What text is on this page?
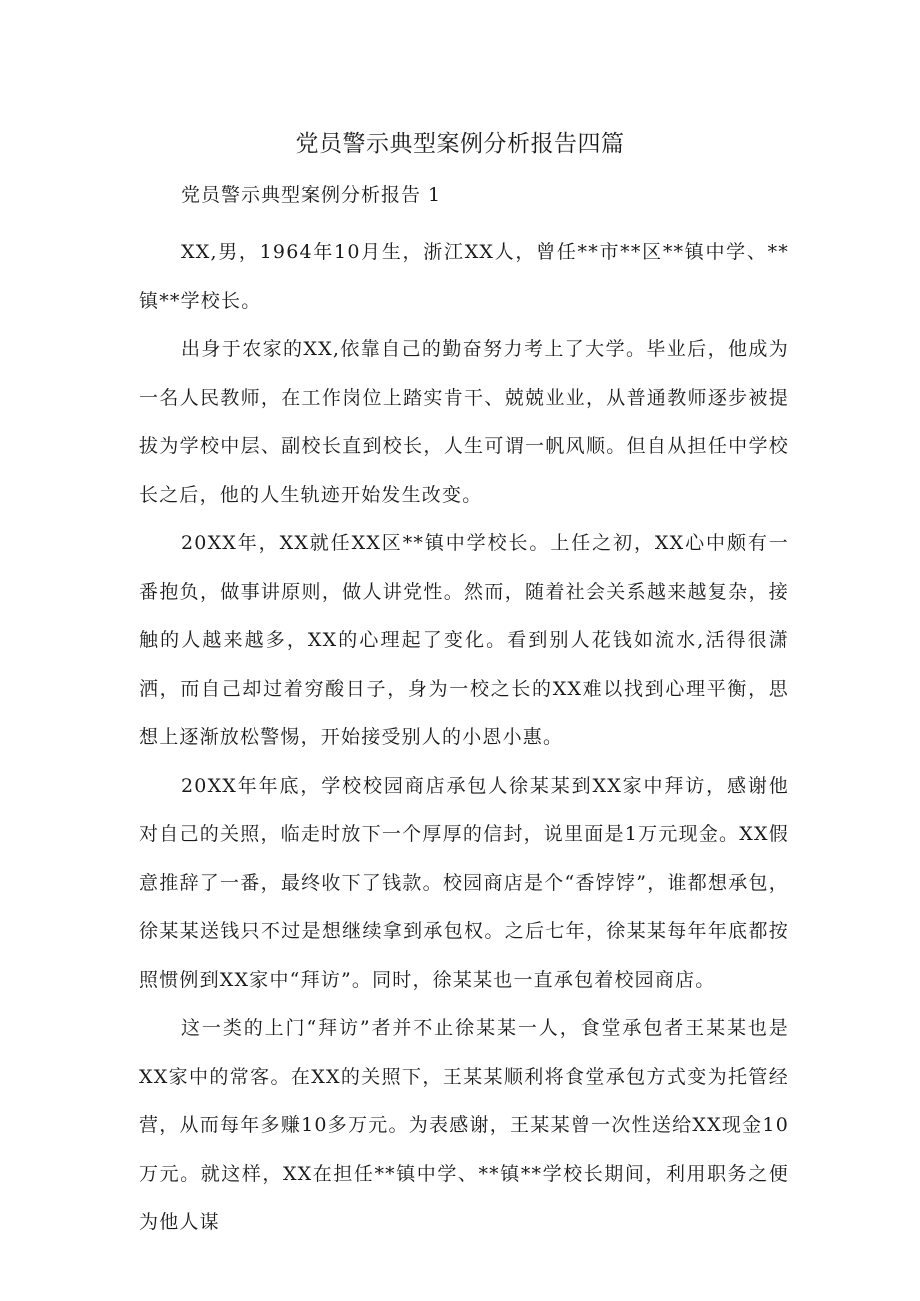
党员警示典型案例分析报告四篇

党员警示典型案例分析报告 1

XX,男，1964年10月生，浙江XX人，曾任**市**区**镇中学、**镇**学校长。

出身于农家的XX,依靠自己的勤奋努力考上了大学。毕业后，他成为一名人民教师，在工作岗位上踏实肯干、兢兢业业，从普通教师逐步被提拔为学校中层、副校长直到校长，人生可谓一帆风顺。但自从担任中学校长之后，他的人生轨迹开始发生改变。

20XX年，XX就任XX区**镇中学校长。上任之初，XX心中颇有一番抱负，做事讲原则，做人讲党性。然而，随着社会关系越来越复杂，接触的人越来越多，XX的心理起了变化。看到别人花钱如流水,活得很潇洒，而自己却过着穷酸日子，身为一校之长的XX难以找到心理平衡，思想上逐渐放松警惕，开始接受别人的小恩小惠。

20XX年年底，学校校园商店承包人徐某某到XX家中拜访，感谢他对自己的关照，临走时放下一个厚厚的信封，说里面是1万元现金。XX假意推辞了一番，最终收下了钱款。校园商店是个“香饽饽”，谁都想承包，徐某某送钱只不过是想继续拿到承包权。之后七年，徐某某每年年底都按照惯例到XX家中“拜访”。同时，徐某某也一直承包着校园商店。

这一类的上门“拜访”者并不止徐某某一人，食堂承包者王某某也是XX家中的常客。在XX的关照下，王某某顺利将食堂承包方式变为托管经营，从而每年多赚10多万元。为表感谢，王某某曾一次性送给XX现金10万元。就这样，XX在担任**镇中学、**镇**学校长期间，利用职务之便为他人谋
